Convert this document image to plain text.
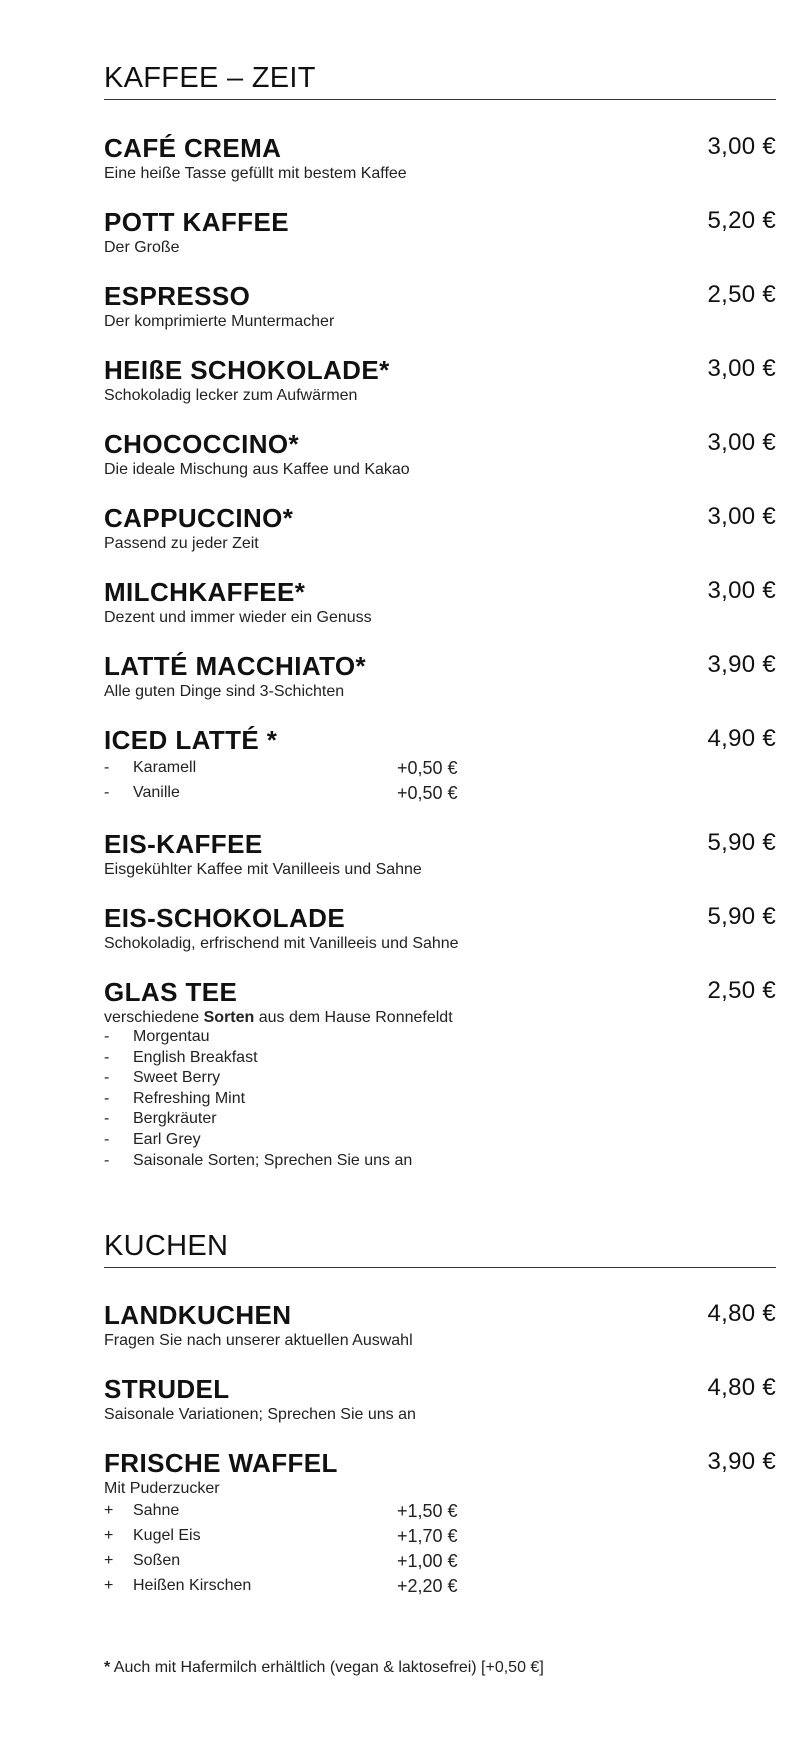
KAFFEE – ZEIT
CAFÉ CREMA	3,00 €
Eine heiße Tasse gefüllt mit bestem Kaffee
POTT KAFFEE	5,20 €
Der Große
ESPRESSO	2,50 €
Der komprimierte Muntermacher
HEIßE SCHOKOLADE*	3,00 €
Schokoladig lecker zum Aufwärmen
CHOCOCCINO*	3,00 €
Die ideale Mischung aus Kaffee und Kakao
CAPPUCCINO*	3,00 €
Passend zu jeder Zeit
MILCHKAFFEE*	3,00 €
Dezent und immer wieder ein Genuss
LATTÉ MACCHIATO*	3,90 €
Alle guten Dinge sind 3-Schichten
ICED LATTÉ *	4,90 €
- Karamell	+0,50 €
- Vanille	+0,50 €
EIS-KAFFEE	5,90 €
Eisgekühlter Kaffee mit Vanilleeis und Sahne
EIS-SCHOKOLADE	5,90 €
Schokoladig, erfrischend mit Vanilleeis und Sahne
GLAS TEE	2,50 €
verschiedene Sorten aus dem Hause Ronnefeldt
- Morgentau
- English Breakfast
- Sweet Berry
- Refreshing Mint
- Bergkräuter
- Earl Grey
- Saisonale Sorten; Sprechen Sie uns an
KUCHEN
LANDKUCHEN	4,80 €
Fragen Sie nach unserer aktuellen Auswahl
STRUDEL	4,80 €
Saisonale Variationen; Sprechen Sie uns an
FRISCHE WAFFEL	3,90 €
Mit Puderzucker
+ Sahne	+1,50 €
+ Kugel Eis	+1,70 €
+ Soßen	+1,00 €
+ Heißen Kirschen	+2,20 €
* Auch mit Hafermilch erhältlich (vegan & laktosefrei) [+0,50 €]
